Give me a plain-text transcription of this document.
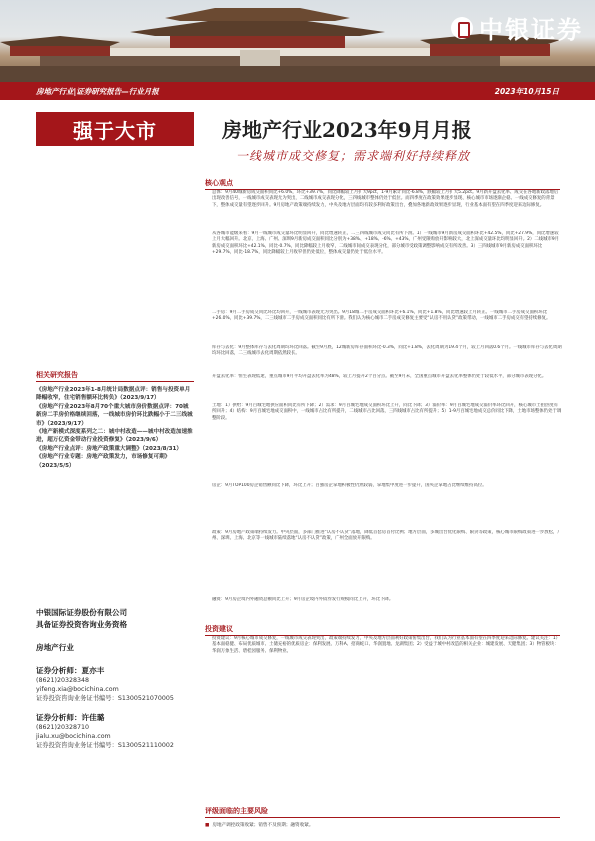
中银证券
房地产行业|证券研究报告—行业月报	2023年10月15日
强于大市	房地产行业2023年9月月报
一线城市成交修复；需求端利好持续释放
核心观点
■ 总体：9月40城新房成交面积同比+6.0%，环比+39.7%，同比降幅较上月扩大9pct，1-9月累计同比-6.8%，跌幅较上月扩大5.2pct。9月新开盘去化率、成交在各地新政落地后出现改善信号，一线城市成交表现尤为突出，二线城市成交表现分化，三四线城市整体仍处于低位。而四季度在政策效果逐步显现、核心城市市场逐渐企稳、一线成交修复的背景下，整体成交量有望逐步回升。9月房地产政策端持续发力，中央及地方层面均有较多利好政策出台，叠加各地新政效果逐步显现，行业基本面有望在四季度迎来边际修复。
■ 从各城市能级来看：9月一线城市成交量环比明显回升，同比增速转正，二三四线城市成交同比有所下滑。1）一线城市9月新房成交面积环比+42.5%，同比+27.9%，同比增速较上月大幅回升。北京、上海、广州、深圳9月新房成交面积同比分别为+38%、+18%、-6%、+43%，广州受限购放开影响较大，北上深成交量环比均明显回升。2）二线城市9月新房成交面积环比+42.1%，同比-0.7%，同比降幅较上月收窄，二线城市间成交表现分化，部分城市受政策调整影响成交有所改善。3）三四线城市9月新房成交面积环比+29.7%，同比-18.7%，同比降幅较上月收窄但仍处低位，整体成交量仍处于低位水平。
■ 二手房：9月二手房成交同比环比均回升，一线城市表现尤为突出。9月18城二手房成交面积环比+6.1%，同比+1.8%，同比增速较上月转正。一线城市二手房成交面积环比+26.0%，同比+39.7%，二三线城市二手房成交面积同比有所下滑。我们认为核心城市二手房成交修复主要受“认房不用认贷”政策带动，一线城市二手房成交有望持续修复。
■ 库存与去化：9月整体库存与去化周期均环比回落。截至9月底，12城新房库存面积环比-0.3%，同比+1.8%，去化周期为19.4个月，较上月回落0.6个月。一线城市库存与去化周期均环比回落，二三线城市去化周期依然较长。
■ 开盘去化率：恒生表现低迷，重点城市9月平均开盘去化率为48%，较上月提升2个百分点。截至9月末，全国重点城市开盘去化率整体仍处于较低水平，部分城市表现分化。
■ 土地：1）供给：9月百城宅地供应面积同比有所下降；2）需求：9月百城宅地成交面积环比上升，同比下降；3）溢价率：9月百城宅地成交溢价率环比回升，核心城市土拍热度有所回升；4）结构：9月百城宅地成交面积中，一线城市占比有所提升，二线城市占比回落，三四线城市占比有所提升；5）1-9月百城宅地成交总价同比下降，土地市场整体仍处于调整阶段。
■ 房企：9月TOP100房企销售额同比下降，环比上升；百强房企拿地积极性仍然较弱，拿地集中度进一步提升，国央企拿地占比继续维持高位。
■ 政策：9月房地产政策端持续发力。中央层面，多部门推进“认房不认贷”落地，降低首套房首付比例；地方层面，多城出台优化限购、限贷等政策，核心城市限购政策进一步放松，广州、深圳、上海、北京等一线城市陆续落地“认房不认贷”政策，广州全面放开限购。
■ 融资：9月房企境内外融资总额同比上升；9月房企境内外债券发行规模同比上升，环比下降。
投资建议
■ 投资建议：9月核心城市成交修复，一线城市成交表现突出，政策端持续发力，中央及地方层面利好政策密集出台，我们认为行业基本面有望在四季度迎来边际修复。建议关注：1）基本面稳健、布局优质城市、土储充裕的优质房企：保利发展、万科A、招商蛇口、华润置地、龙湖集团；2）受益于城中村改造的相关企业：城建发展、天健集团；3）物管板块：华润万象生活、碧桂园服务、保利物业。
评级面临的主要风险
■ 房地产调控政策收紧；销售不及预期；融资收紧。
相关研究报告

《房地产行业2023年1-8月统计局数据点评：销售与投资单月降幅收窄，住宅销售额环比转负》（2023/9/17）

《房地产行业2023年8月70个重大城市房价数据点评：70城新房二手房价格继续回落，一线城市房价环比跌幅小于二三线城市》（2023/9/17）

《地产新模式深度系列之二：城中村改造——城中村改造加速推进，超万亿资金带动行业投资修复》（2023/9/6）

《房地产行业点评：房地产政策重大调整》（2023/8/31）

《房地产行业专题：房地产政策发力，市场修复可期》（2023/5/5）

中银国际证券股份有限公司
具备证券投资咨询业务资格
房地产行业
证券分析师：夏亦丰
(8621)20328348
yifeng.xia@bocichina.com
证券投资咨询业务证书编号：S1300521070005
证券分析师：许佳璐
(8621)20328710
jialu.xu@bocichina.com
证券投资咨询业务证书编号：S1300521110002
